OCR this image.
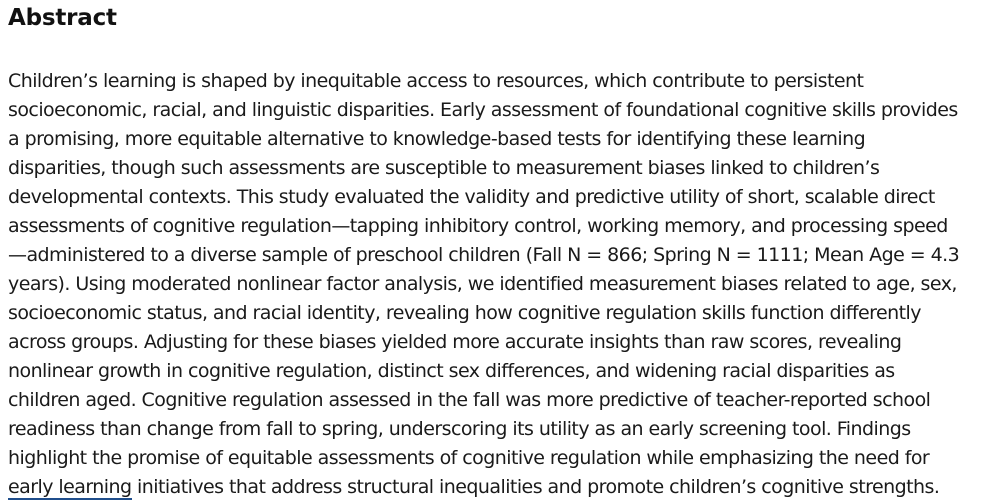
Abstract

Children’s learning is shaped by inequitable access to resources, which contribute to persistent
socioeconomic, racial, and linguistic disparities. Early assessment of foundational cognitive skills provides
a promising, more equitable alternative to knowledge-based tests for identifying these learning
disparities, though such assessments are susceptible to measurement biases linked to children’s
developmental contexts. This study evaluated the validity and predictive utility of short, scalable direct
assessments of cognitive regulation—tapping inhibitory control, working memory, and processing speed
—administered to a diverse sample of preschool children (Fall N = 866; Spring N = 1111; Mean Age = 4.3
years). Using moderated nonlinear factor analysis, we identified measurement biases related to age, sex,
socioeconomic status, and racial identity, revealing how cognitive regulation skills function differently
across groups. Adjusting for these biases yielded more accurate insights than raw scores, revealing
nonlinear growth in cognitive regulation, distinct sex differences, and widening racial disparities as
children aged. Cognitive regulation assessed in the fall was more predictive of teacher-reported school
readiness than change from fall to spring, underscoring its utility as an early screening tool. Findings
highlight the promise of equitable assessments of cognitive regulation while emphasizing the need for
early learning initiatives that address structural inequalities and promote children’s cognitive strengths.
